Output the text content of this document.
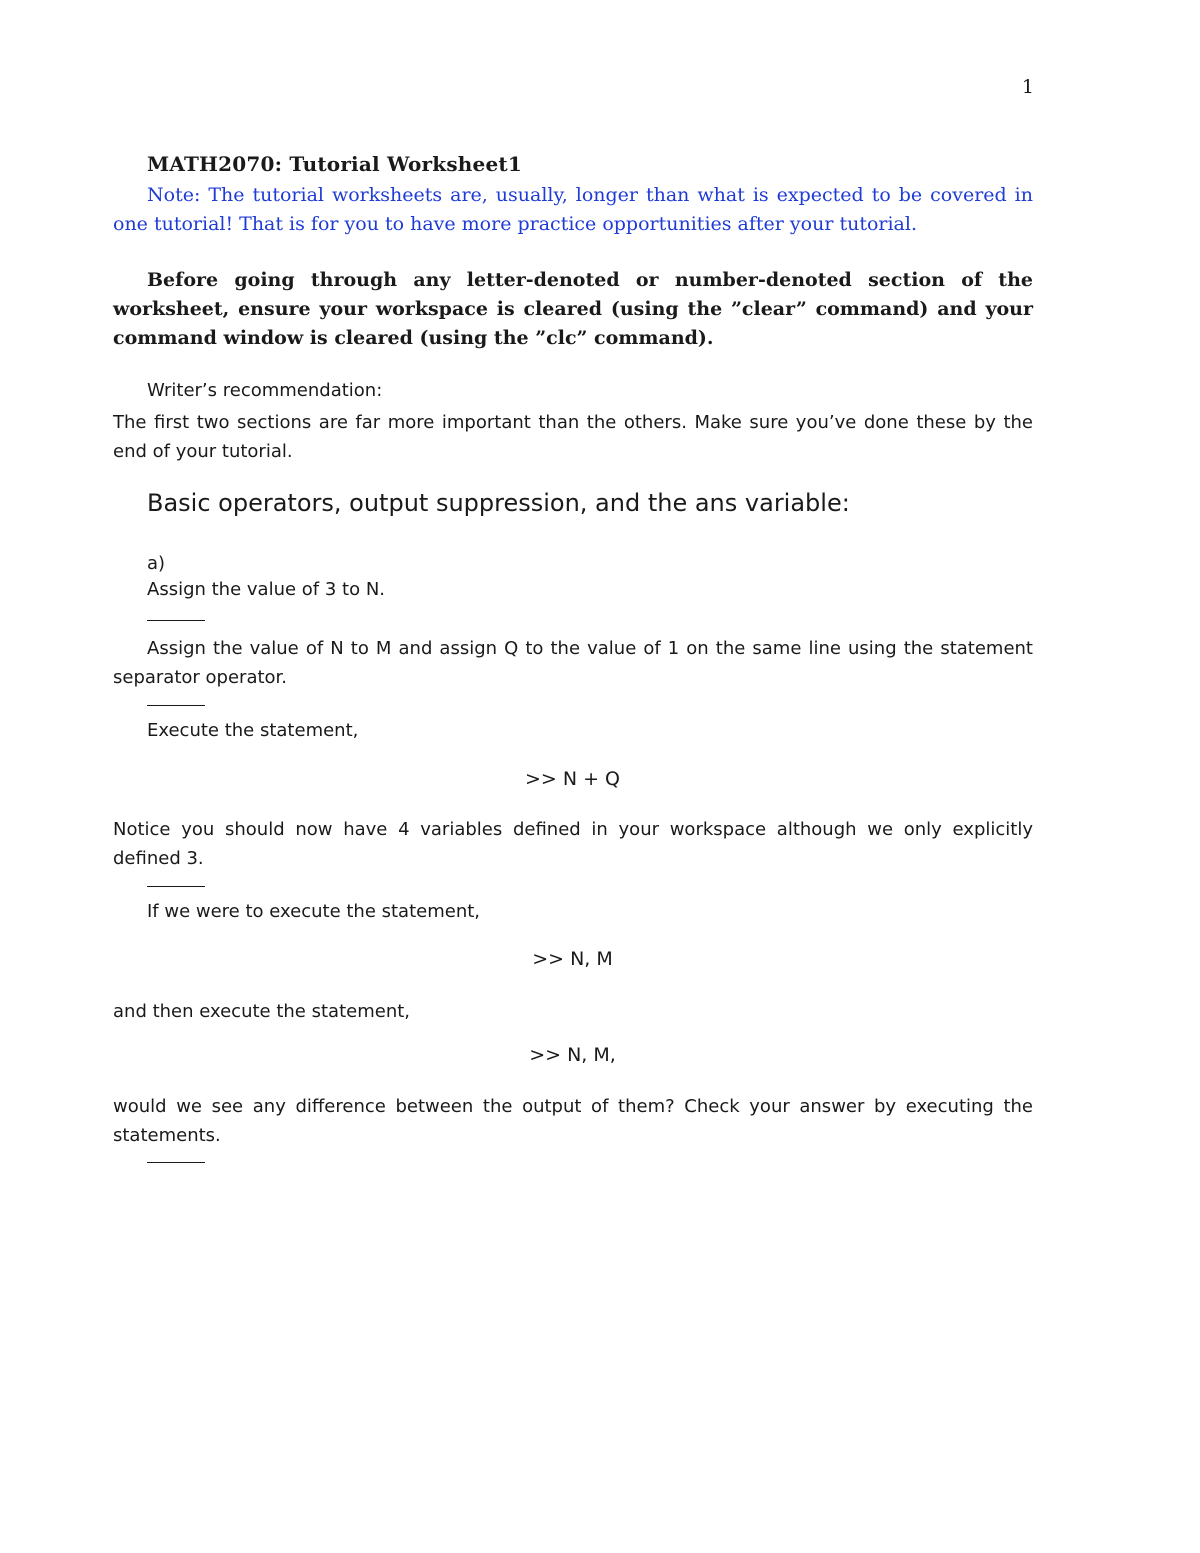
1
MATH2070: Tutorial Worksheet1
Note: The tutorial worksheets are, usually, longer than what is expected to be covered in one tutorial! That is for you to have more practice opportunities after your tutorial.
Before going through any letter-denoted or number-denoted section of the worksheet, ensure your workspace is cleared (using the ”clear” command) and your command window is cleared (using the ”clc” command).
Writer’s recommendation:
The first two sections are far more important than the others. Make sure you’ve done these by the end of your tutorial.
Basic operators, output suppression, and the ans variable:
a)
Assign the value of 3 to N.
Assign the value of N to M and assign Q to the value of 1 on the same line using the statement separator operator.
Execute the statement,
>> N + Q
Notice you should now have 4 variables defined in your workspace although we only explicitly defined 3.
If we were to execute the statement,
>> N, M
and then execute the statement,
>> N, M,
would we see any difference between the output of them? Check your answer by executing the statements.
